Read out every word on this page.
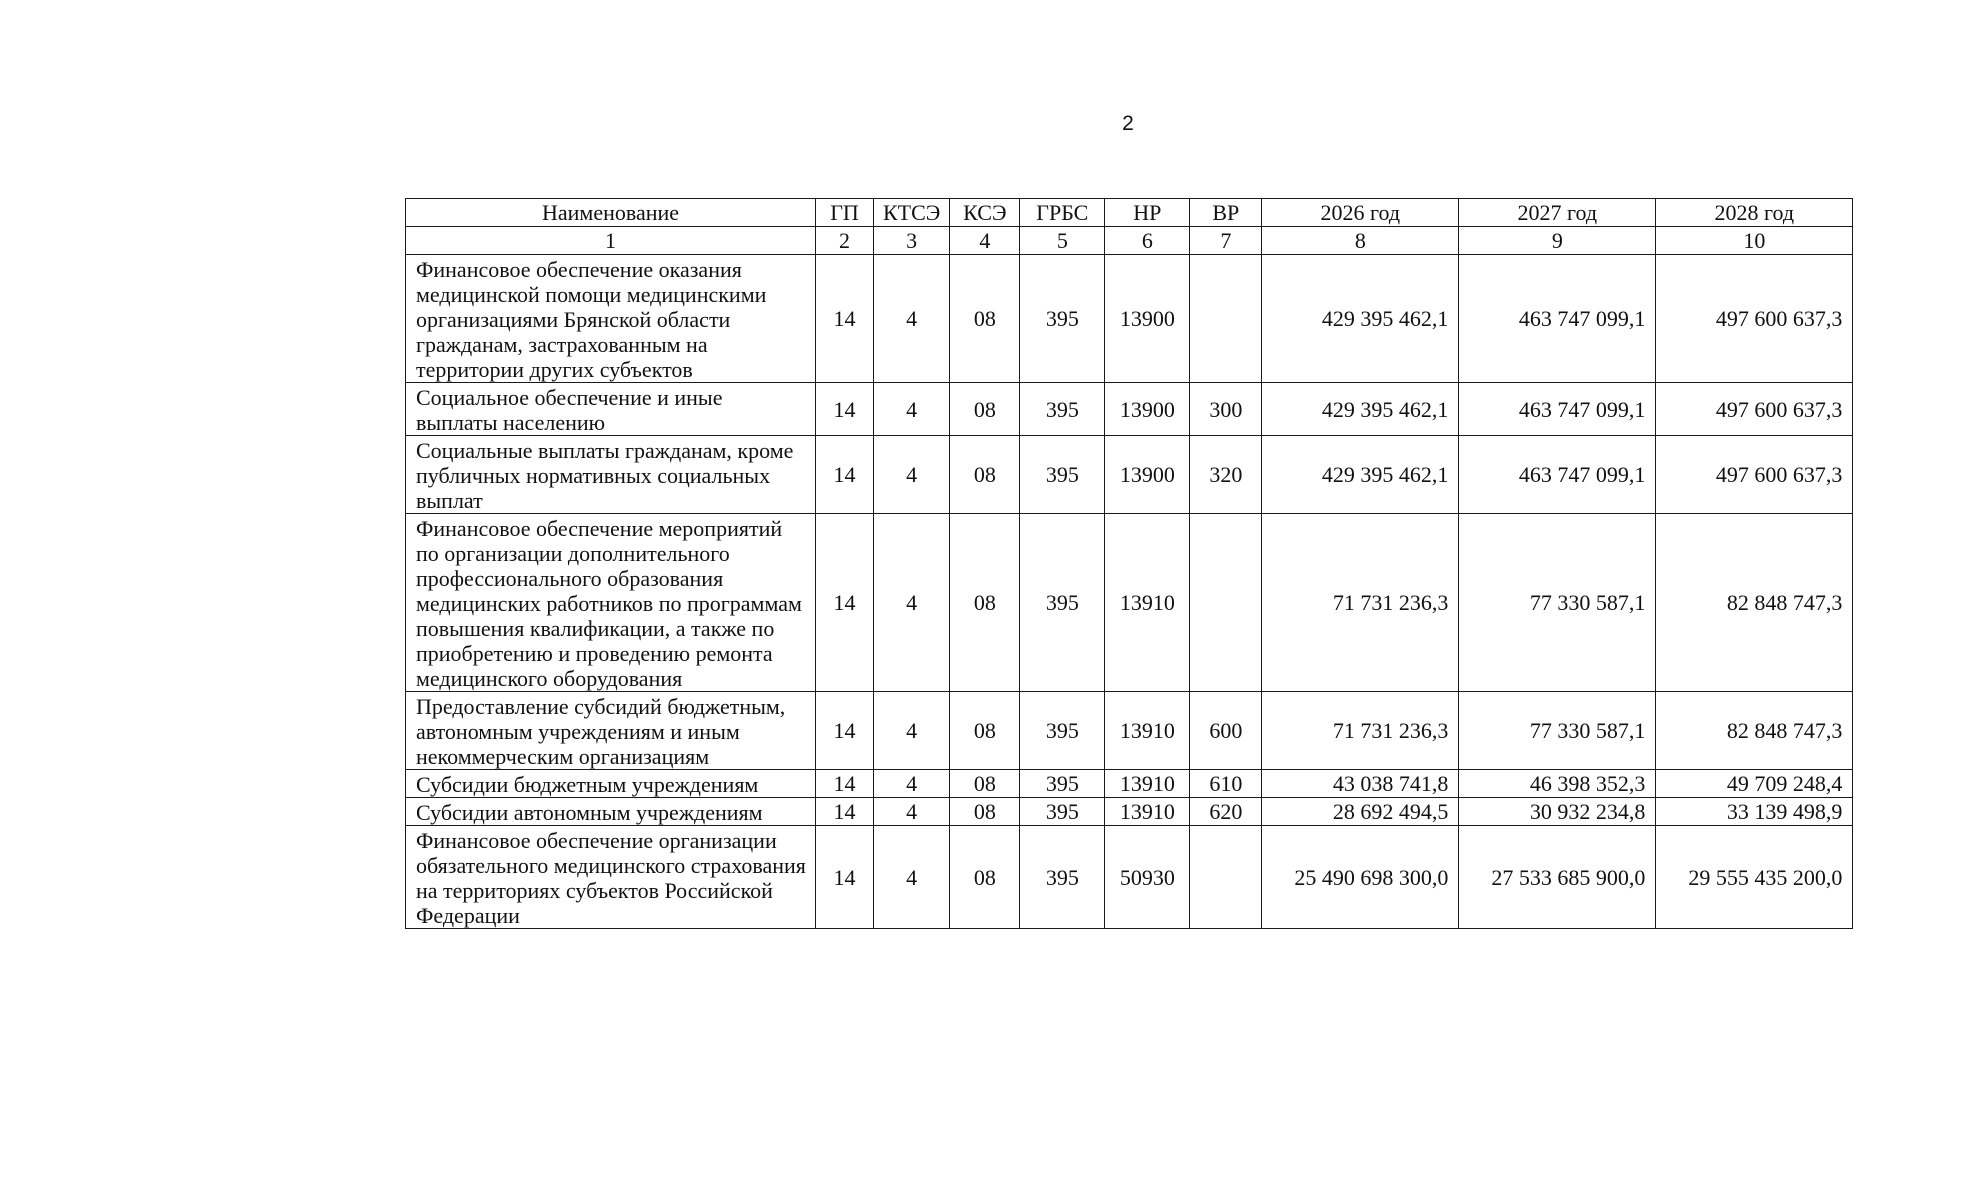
2
Наименование	ГП	КТСЭ	КСЭ	ГРБС	НР	ВР	2026 год	2027 год	2028 год
1	2	3	4	5	6	7	8	9	10
Финансовое обеспечение оказания медицинской помощи медицинскими организациями Брянской области гражданам, застрахованным на территории других субъектов	14	4	08	395	13900		429 395 462,1	463 747 099,1	497 600 637,3
Социальное обеспечение и иные выплаты населению	14	4	08	395	13900	300	429 395 462,1	463 747 099,1	497 600 637,3
Социальные выплаты гражданам, кроме публичных нормативных социальных выплат	14	4	08	395	13900	320	429 395 462,1	463 747 099,1	497 600 637,3
Финансовое обеспечение мероприятий по организации дополнительного профессионального образования медицинских работников по программам повышения квалификации, а также по приобретению и проведению ремонта медицинского оборудования	14	4	08	395	13910		71 731 236,3	77 330 587,1	82 848 747,3
Предоставление субсидий бюджетным, автономным учреждениям и иным некоммерческим организациям	14	4	08	395	13910	600	71 731 236,3	77 330 587,1	82 848 747,3
Субсидии бюджетным учреждениям	14	4	08	395	13910	610	43 038 741,8	46 398 352,3	49 709 248,4
Субсидии автономным учреждениям	14	4	08	395	13910	620	28 692 494,5	30 932 234,8	33 139 498,9
Финансовое обеспечение организации обязательного медицинского страхования на территориях субъектов Российской Федерации	14	4	08	395	50930		25 490 698 300,0	27 533 685 900,0	29 555 435 200,0
